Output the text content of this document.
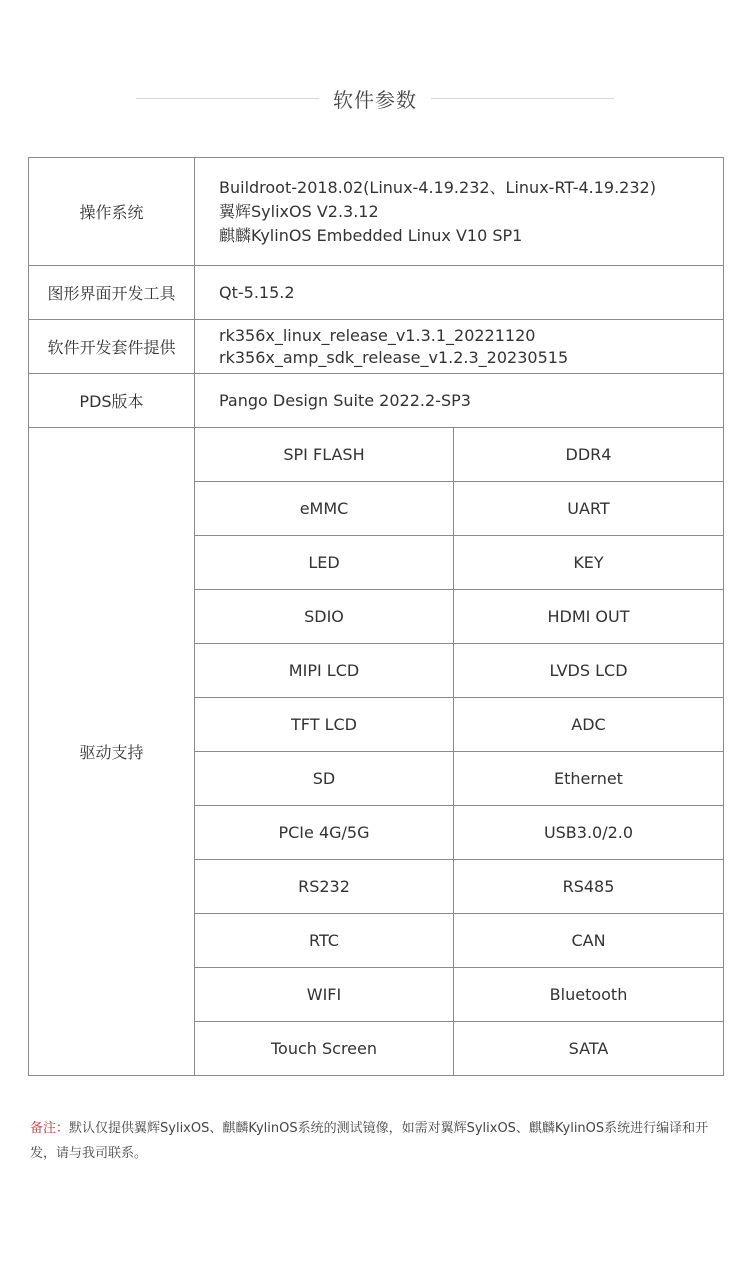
软件参数
操作系统	Buildroot-2018.02(Linux-4.19.232、Linux-RT-4.19.232)
翼辉SylixOS V2.3.12
麒麟KylinOS Embedded Linux V10 SP1	

图形界面开发工具	Qt-5.15.2	
软件开发套件提供	rk356x_linux_release_v1.3.1_20221120
rk356x_amp_sdk_release_v1.2.3_20230515	

PDS版本	Pango Design Suite 2022.2-SP3	
驱动支持	SPI FLASH	DDR4
	eMMC	UART
	LED	KEY
	SDIO	HDMI OUT
	MIPI LCD	LVDS LCD
	TFT LCD	ADC
	SD	Ethernet
	PCIe 4G/5G	USB3.0/2.0
	RS232	RS485
	RTC	CAN
	WIFI	Bluetooth
	Touch Screen	SATA
备注：默认仅提供翼辉SylixOS、麒麟KylinOS系统的测试镜像，如需对翼辉SylixOS、麒麟KylinOS系统进行编译和开发，请与我司联系。
